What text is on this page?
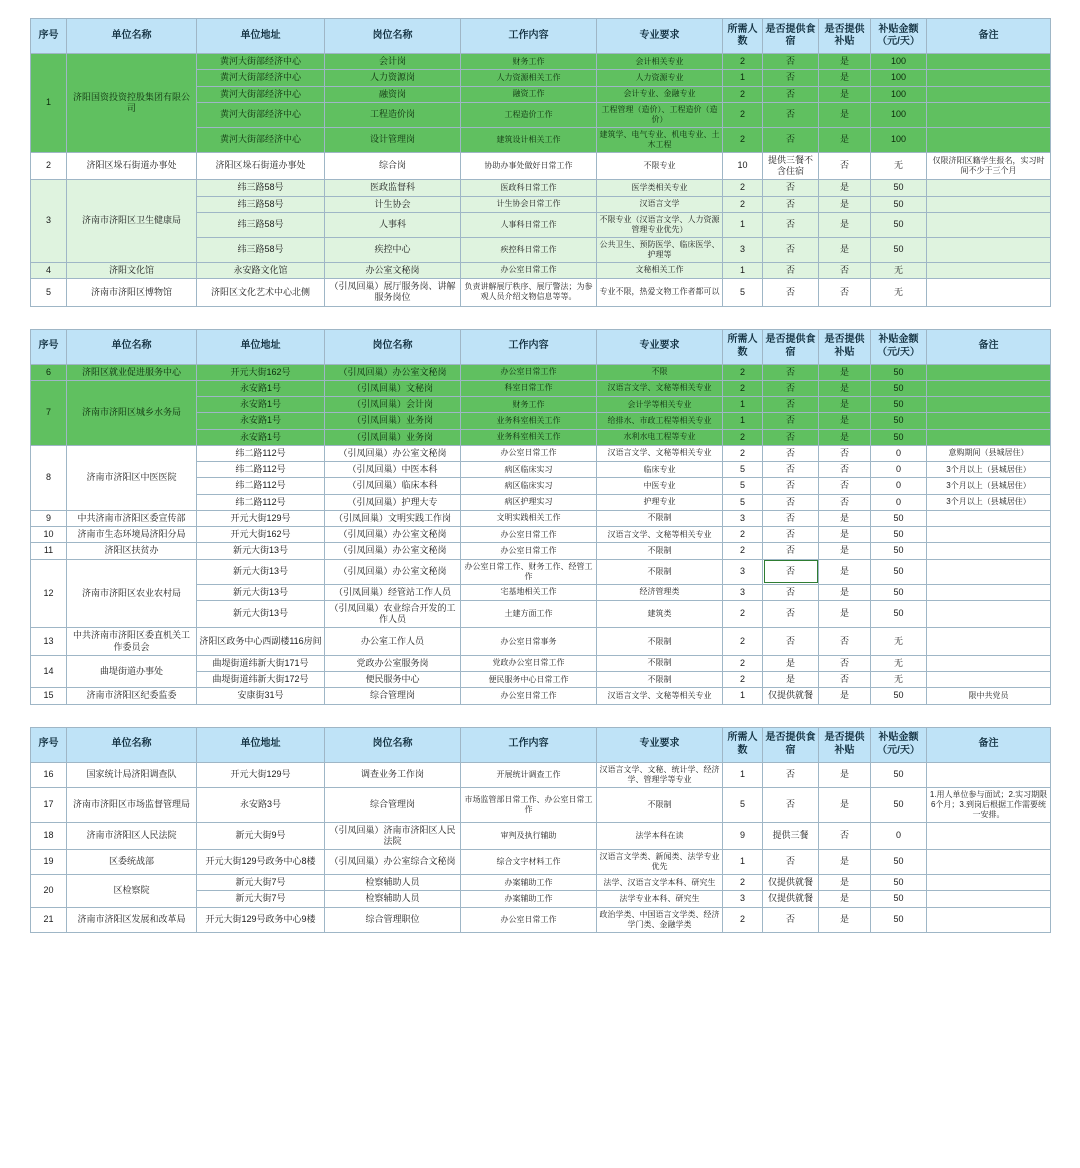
序号	单位名称	单位地址	岗位名称	工作内容	专业要求	所需人数	是否提供食宿	是否提供补贴	补贴金额（元/天）	备注
1	济阳国资投资控股集团有限公司	黄河大街部经济中心	会计岗	财务工作	会计相关专业	2	否	是	100	
		黄河大街部经济中心	人力资源岗	人力资源相关工作	人力资源专业	1	否	是	100	
		黄河大街部经济中心	融资岗	融资工作	会计专业、金融专业	2	否	是	100	
		黄河大街部经济中心	工程造价岗	工程造价工作	工程管理（造价）、工程造价（造价）	2	否	是	100	
		黄河大街部经济中心	设计管理岗	建筑设计相关工作	建筑学、电气专业、机电专业、土木工程	2	否	是	100	
2	济阳区垛石街道办事处	济阳区垛石街道办事处	综合岗	协助办事处做好日常工作	不限专业	10	提供三餐不含住宿	否	无	仅限济阳区籍学生报名，实习时间不少于三个月
3	济南市济阳区卫生健康局	纬三路58号	医政监督科	医政科日常工作	医学类相关专业	2	否	是	50	
		纬三路58号	计生协会	计生协会日常工作	汉语言文学	2	否	是	50	
		纬三路58号	人事科	人事科日常工作	不限专业（汉语言文学、人力资源管理专业优先）	1	否	是	50	
		纬三路58号	疾控中心	疾控科日常工作	公共卫生、预防医学、临床医学、护理等	3	否	是	50	
4	济阳文化馆	永安路文化馆	办公室文秘岗	办公室日常工作	文秘相关工作	1	否	否	无	
5	济南市济阳区博物馆	济阳区文化艺术中心北侧	（引凤回巢）展厅服务岗、讲解服务岗位	负责讲解展厅秩序、展厅警法；为参观人员介绍文物信息等等。	专业不限，热爱文物工作者都可以	5	否	否	无	
序号	单位名称	单位地址	岗位名称	工作内容	专业要求	所需人数	是否提供食宿	是否提供补贴	补贴金额（元/天）	备注
6	济阳区就业促进服务中心	开元大街162号	（引凤回巢）办公室文秘岗	办公室日常工作	不限	2	否	是	50	
7	济南市济阳区城乡水务局	永安路1号	（引凤回巢）文秘岗	科室日常工作	汉语言文学、文秘等相关专业	2	否	是	50	
		永安路1号	（引凤回巢）会计岗	财务工作	会计学等相关专业	1	否	是	50	
		永安路1号	（引凤回巢）业务岗	业务科室相关工作	给排水、市政工程等相关专业	1	否	是	50	
		永安路1号	（引凤回巢）业务岗	业务科室相关工作	水利水电工程等专业	2	否	是	50	
8	济南市济阳区中医医院	纬二路112号	（引凤回巢）办公室文秘岗	办公室日常工作	汉语言文学、文秘等相关专业	2	否	否	0	意购期间（县城居住）
		纬二路112号	（引凤回巢）中医本科	病区临床实习	临床专业	5	否	否	0	3个月以上（县城居住）
		纬二路112号	（引凤回巢）临床本科	病区临床实习	中医专业	5	否	否	0	3个月以上（县城居住）
		纬二路112号	（引凤回巢）护理大专	病区护理实习	护理专业	5	否	否	0	3个月以上（县城居住）
9	中共济南市济阳区委宣传部	开元大街129号	（引凤回巢）文明实践工作岗	文明实践相关工作	不限制	3	否	是	50	
10	济南市生态环境局济阳分局	开元大街162号	（引凤回巢）办公室文秘岗	办公室日常工作	汉语言文学、文秘等相关专业	2	否	是	50	
11	济阳区扶贫办	新元大街13号	（引凤回巢）办公室文秘岗	办公室日常工作	不限制	2	否	是	50	
12	济南市济阳区农业农村局	新元大街13号	（引凤回巢）办公室文秘岗	办公室日常工作、财务工作、经管工作	不限制	3	否	是	50	
		新元大街13号	（引凤回巢）经管站工作人员	宅基地相关工作	经济管理类	3	否	是	50	
		新元大街13号	（引凤回巢）农业综合开发的工作人员	土建方面工作	建筑类	2	否	是	50	
13	中共济南市济阳区委直机关工作委员会	济阳区政务中心西副楼116房间	办公室工作人员	办公室日常事务	不限制	2	否	否	无	
14	曲堤街道办事处	曲堤街道纬新大街171号	党政办公室服务岗	党政办公室日常工作	不限制	2	是	否	无	
		曲堤街道纬新大街172号	便民服务中心	便民服务中心日常工作	不限制	2	是	否	无	
15	济南市济阳区纪委监委	安康街31号	综合管理岗	办公室日常工作	汉语言文学、文秘等相关专业	1	仅提供就餐	是	50	限中共党员
序号	单位名称	单位地址	岗位名称	工作内容	专业要求	所需人数	是否提供食宿	是否提供补贴	补贴金额（元/天）	备注
16	国家统计局济阳调查队	开元大街129号	调查业务工作岗	开展统计调查工作	汉语言文学、文秘、统计学、经济学、管理学等专业	1	否	是	50	
17	济南市济阳区市场监督管理局	永安路3号	综合管理岗	市场监管部日常工作、办公室日常工作	不限制	5	否	是	50	1.用人单位参与面试；2.实习期限6个月；3.到岗后根据工作需要统一安排。
18	济南市济阳区人民法院	新元大街9号	（引凤回巢）济南市济阳区人民法院	审判及执行辅助	法学本科在读	9	提供三餐	否	0	
19	区委统战部	开元大街129号政务中心8楼	（引凤回巢）办公室综合文秘岗	综合文字材料工作	汉语言文学类、新闻类、法学专业优先	1	否	是	50	
20	区检察院	新元大街7号	检察辅助人员	办案辅助工作	法学、汉语言文学本科、研究生	2	仅提供就餐	是	50	
		新元大街7号	检察辅助人员	办案辅助工作	法学专业本科、研究生	3	仅提供就餐	是	50	
21	济南市济阳区发展和改革局	开元大街129号政务中心9楼	综合管理职位	办公室日常工作	政治学类、中国语言文学类、经济学门类、金融学类	2	否	是	50	
